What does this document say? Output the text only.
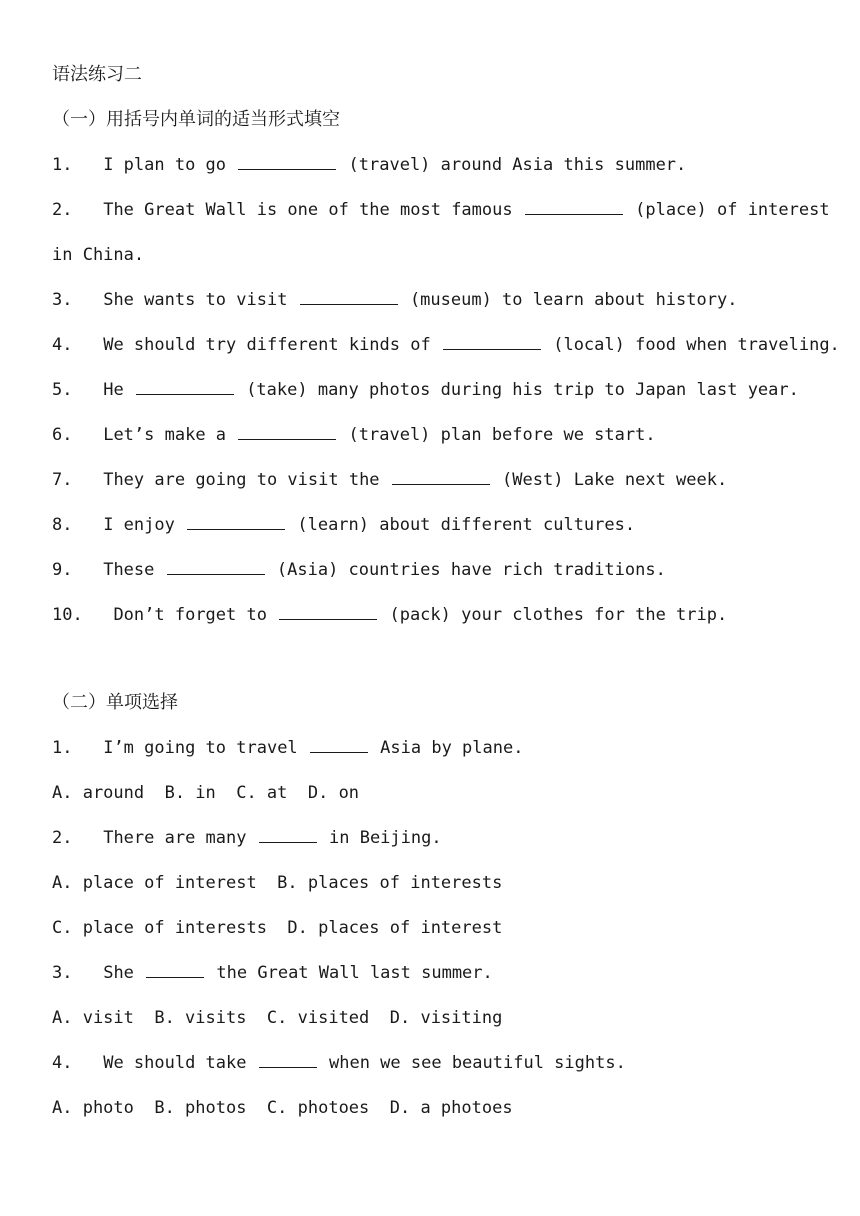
语法练习二
（一）用括号内单词的适当形式填空
1. I plan to go	(travel) around Asia this summer.
2. The Great Wall is one of the most famous	(place) of interest
in China.
3. She wants to visit	(museum) to learn about history.
4. We should try different kinds of	(local) food when traveling.
5. He	(take) many photos during his trip to Japan last year.
6. Let’s make a	(travel) plan before we start.
7. They are going to visit the	(West) Lake next week.
8. I enjoy	(learn) about different cultures.
9. These	(Asia) countries have rich traditions.
10. Don’t forget to	(pack) your clothes for the trip.
（二）单项选择
1. I’m going to travel	Asia by plane.
A. around  B. in  C. at  D. on
2. There are many	in Beijing.
A. place of interest  B. places of interests
C. place of interests  D. places of interest
3. She	the Great Wall last summer.
A. visit  B. visits  C. visited  D. visiting
4. We should take	when we see beautiful sights.
A. photo  B. photos  C. photoes  D. a photoes
